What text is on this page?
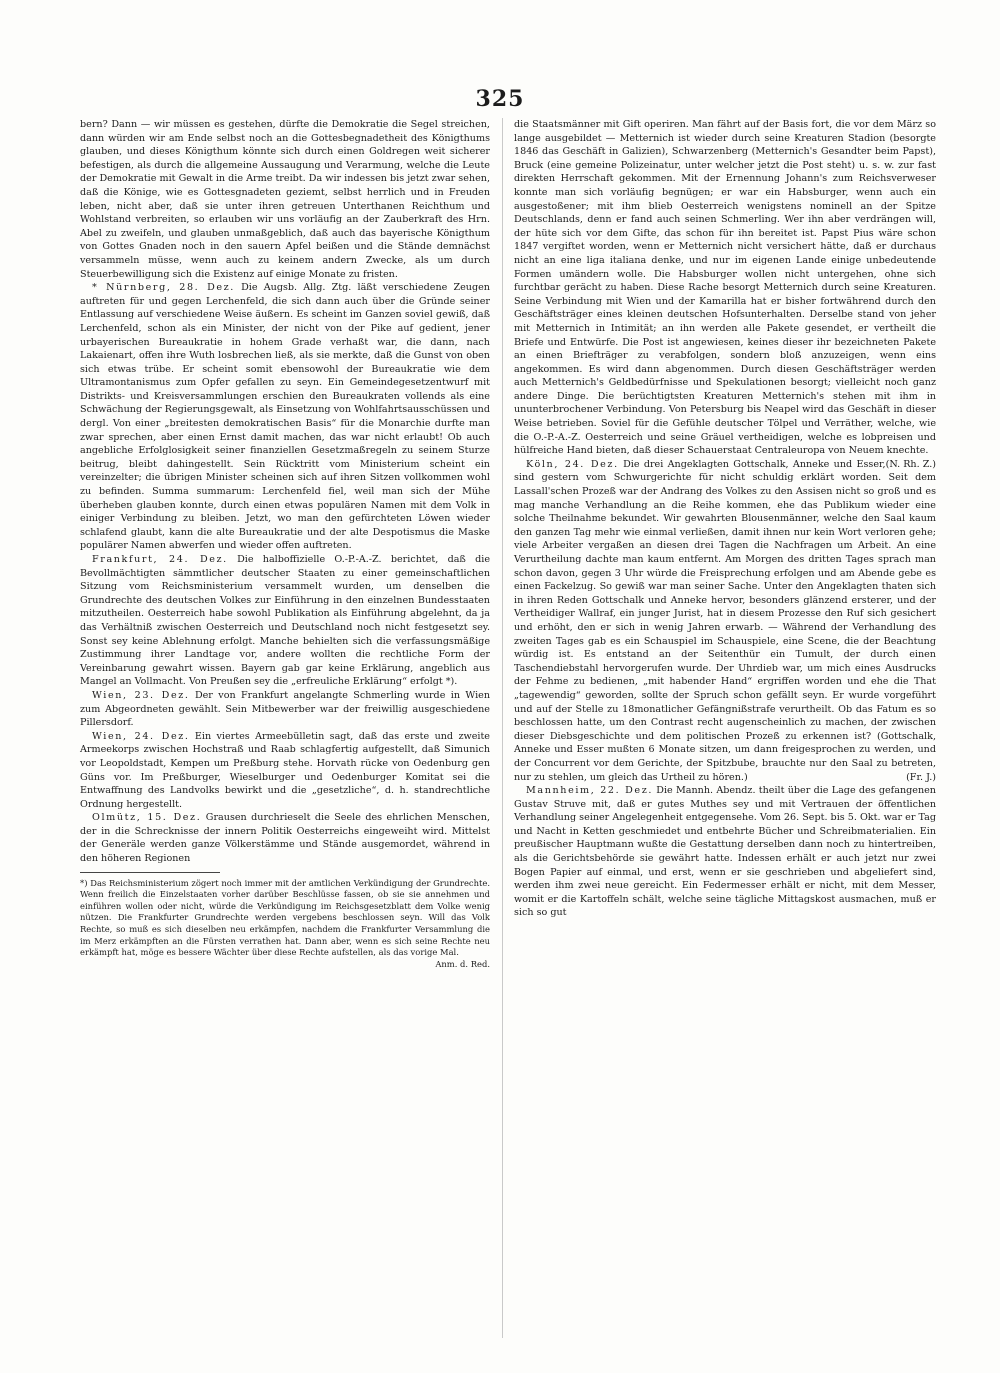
325

bern? Dann — wir müssen es gestehen, dürfte die Demokratie die Segel streichen, dann würden wir am Ende selbst noch an die Gottesbegnadetheit des Königthums glauben, und dieses Königthum könnte sich durch einen Goldregen weit sicherer befestigen, als durch die allgemeine Aussaugung und Verarmung, welche die Leute der Demokratie mit Gewalt in die Arme treibt. Da wir indessen bis jetzt zwar sehen, daß die Könige, wie es Gottesgnadeten geziemt, selbst herrlich und in Freuden leben, nicht aber, daß sie unter ihren getreuen Unterthanen Reichthum und Wohlstand verbreiten, so erlauben wir uns vorläufig an der Zauberkraft des Hrn. Abel zu zweifeln, und glauben unmaßgeblich, daß auch das bayerische Königthum von Gottes Gnaden noch in den sauern Apfel beißen und die Stände demnächst versammeln müsse, wenn auch zu keinem andern Zwecke, als um durch Steuerbewilligung sich die Existenz auf einige Monate zu fristen.

* Nürnberg, 28. Dez. Die Augsb. Allg. Ztg. läßt verschiedene Zeugen auftreten für und gegen Lerchenfeld, die sich dann auch über die Gründe seiner Entlassung auf verschiedene Weise äußern. Es scheint im Ganzen soviel gewiß, daß Lerchenfeld, schon als ein Minister, der nicht von der Pike auf gedient, jener urbayerischen Bureaukratie in hohem Grade verhaßt war, die dann, nach Lakaienart, offen ihre Wuth losbrechen ließ, als sie merkte, daß die Gunst von oben sich etwas trübe. Er scheint somit ebensowohl der Bureaukratie wie dem Ultramontanismus zum Opfer gefallen zu seyn. Ein Gemeindegesetzentwurf mit Distrikts- und Kreisversammlungen erschien den Bureaukraten vollends als eine Schwächung der Regierungsgewalt, als Einsetzung von Wohlfahrtsausschüssen und dergl. Von einer „breitesten demokratischen Basis“ für die Monarchie durfte man zwar sprechen, aber einen Ernst damit machen, das war nicht erlaubt! Ob auch angebliche Erfolglosigkeit seiner finanziellen Gesetzmaßregeln zu seinem Sturze beitrug, bleibt dahingestellt. Sein Rücktritt vom Ministerium scheint ein vereinzelter; die übrigen Minister scheinen sich auf ihren Sitzen vollkommen wohl zu befinden. Summa summarum: Lerchenfeld fiel, weil man sich der Mühe überheben glauben konnte, durch einen etwas populären Namen mit dem Volk in einiger Verbindung zu bleiben. Jetzt, wo man den gefürchteten Löwen wieder schlafend glaubt, kann die alte Bureaukratie und der alte Despotismus die Maske populärer Namen abwerfen und wieder offen auftreten.

Frankfurt, 24. Dez. Die halboffizielle O.-P.-A.-Z. berichtet, daß die Bevollmächtigten sämmtlicher deutscher Staaten zu einer gemeinschaftlichen Sitzung vom Reichsministerium versammelt wurden, um denselben die Grundrechte des deutschen Volkes zur Einführung in den einzelnen Bundesstaaten mitzutheilen. Oesterreich habe sowohl Publikation als Einführung abgelehnt, da ja das Verhältniß zwischen Oesterreich und Deutschland noch nicht festgesetzt sey. Sonst sey keine Ablehnung erfolgt. Manche behielten sich die verfassungsmäßige Zustimmung ihrer Landtage vor, andere wollten die rechtliche Form der Vereinbarung gewahrt wissen. Bayern gab gar keine Erklärung, angeblich aus Mangel an Vollmacht. Von Preußen sey die „erfreuliche Erklärung“ erfolgt *).

Wien, 23. Dez. Der von Frankfurt angelangte Schmerling wurde in Wien zum Abgeordneten gewählt. Sein Mitbewerber war der freiwillig ausgeschiedene Pillersdorf.

Wien, 24. Dez. Ein viertes Armeebülletin sagt, daß das erste und zweite Armeekorps zwischen Hochstraß und Raab schlagfertig aufgestellt, daß Simunich vor Leopoldstadt, Kempen um Preßburg stehe. Horvath rücke von Oedenburg gen Güns vor. Im Preßburger, Wieselburger und Oedenburger Komitat sei die Entwaffnung des Landvolks bewirkt und die „gesetzliche“, d. h. standrechtliche Ordnung hergestellt.

Olmütz, 15. Dez. Grausen durchrieselt die Seele des ehrlichen Menschen, der in die Schrecknisse der innern Politik Oesterreichs eingeweiht wird. Mittelst der Generäle werden ganze Völkerstämme und Stände ausgemordet, während in den höheren Regionen

*) Das Reichsministerium zögert noch immer mit der amtlichen Verkündigung der Grundrechte. Wenn freilich die Einzelstaaten vorher darüber Beschlüsse fassen, ob sie sie annehmen und einführen wollen oder nicht, würde die Verkündigung im Reichsgesetzblatt dem Volke wenig nützen. Die Frankfurter Grundrechte werden vergebens beschlossen seyn. Will das Volk Rechte, so muß es sich dieselben neu erkämpfen, nachdem die Frankfurter Versammlung die im Merz erkämpften an die Fürsten verrathen hat. Dann aber, wenn es sich seine Rechte neu erkämpft hat, möge es bessere Wächter über diese Rechte aufstellen, als das vorige Mal.

Anm. d. Red.

die Staatsmänner mit Gift operiren. Man fährt auf der Basis fort, die vor dem März so lange ausgebildet — Metternich ist wieder durch seine Kreaturen Stadion (besorgte 1846 das Geschäft in Galizien), Schwarzenberg (Metternich's Gesandter beim Papst), Bruck (eine gemeine Polizeinatur, unter welcher jetzt die Post steht) u. s. w. zur fast direkten Herrschaft gekommen. Mit der Ernennung Johann's zum Reichsverweser konnte man sich vorläufig begnügen; er war ein Habsburger, wenn auch ein ausgestoßener; mit ihm blieb Oesterreich wenigstens nominell an der Spitze Deutschlands, denn er fand auch seinen Schmerling. Wer ihn aber verdrängen will, der hüte sich vor dem Gifte, das schon für ihn bereitet ist. Papst Pius wäre schon 1847 vergiftet worden, wenn er Metternich nicht versichert hätte, daß er durchaus nicht an eine liga italiana denke, und nur im eigenen Lande einige unbedeutende Formen umändern wolle. Die Habsburger wollen nicht untergehen, ohne sich furchtbar gerächt zu haben. Diese Rache besorgt Metternich durch seine Kreaturen. Seine Verbindung mit Wien und der Kamarilla hat er bisher fortwährend durch den Geschäftsträger eines kleinen deutschen Hofsunterhalten. Derselbe stand von jeher mit Metternich in Intimität; an ihn werden alle Pakete gesendet, er vertheilt die Briefe und Entwürfe. Die Post ist angewiesen, keines dieser ihr bezeichneten Pakete an einen Briefträger zu verabfolgen, sondern bloß anzuzeigen, wenn eins angekommen. Es wird dann abgenommen. Durch diesen Geschäftsträger werden auch Metternich's Geldbedürfnisse und Spekulationen besorgt; vielleicht noch ganz andere Dinge. Die berüchtigtsten Kreaturen Metternich's stehen mit ihm in ununterbrochener Verbindung. Von Petersburg bis Neapel wird das Geschäft in dieser Weise betrieben. Soviel für die Gefühle deutscher Tölpel und Verräther, welche, wie die O.-P.-A.-Z. Oesterreich und seine Gräuel vertheidigen, welche es lobpreisen und hülfreiche Hand bieten, daß dieser Schauerstaat Centraleuropa von Neuem knechte.
(N. Rh. Z.)

Köln, 24. Dez. Die drei Angeklagten Gottschalk, Anneke und Esser, sind gestern vom Schwurgerichte für nicht schuldig erklärt worden. Seit dem Lassall'schen Prozeß war der Andrang des Volkes zu den Assisen nicht so groß und es mag manche Verhandlung an die Reihe kommen, ehe das Publikum wieder eine solche Theilnahme bekundet. Wir gewahrten Blousenmänner, welche den Saal kaum den ganzen Tag mehr wie einmal verließen, damit ihnen nur kein Wort verloren gehe; viele Arbeiter vergaßen an diesen drei Tagen die Nachfragen um Arbeit. An eine Verurtheilung dachte man kaum entfernt. Am Morgen des dritten Tages sprach man schon davon, gegen 3 Uhr würde die Freisprechung erfolgen und am Abende gebe es einen Fackelzug. So gewiß war man seiner Sache. Unter den Angeklagten thaten sich in ihren Reden Gottschalk und Anneke hervor, besonders glänzend ersterer, und der Vertheidiger Wallraf, ein junger Jurist, hat in diesem Prozesse den Ruf sich gesichert und erhöht, den er sich in wenig Jahren erwarb. — Während der Verhandlung des zweiten Tages gab es ein Schauspiel im Schauspiele, eine Scene, die der Beachtung würdig ist. Es entstand an der Seitenthür ein Tumult, der durch einen Taschendiebstahl hervorgerufen wurde. Der Uhrdieb war, um mich eines Ausdrucks der Fehme zu bedienen, „mit habender Hand“ ergriffen worden und ehe die That „tagewendig“ geworden, sollte der Spruch schon gefällt seyn. Er wurde vorgeführt und auf der Stelle zu 18monatlicher Gefängnißstrafe verurtheilt. Ob das Fatum es so beschlossen hatte, um den Contrast recht augenscheinlich zu machen, der zwischen dieser Diebsgeschichte und dem politischen Prozeß zu erkennen ist? (Gottschalk, Anneke und Esser mußten 6 Monate sitzen, um dann freigesprochen zu werden, und der Concurrent vor dem Gerichte, der Spitzbube, brauchte nur den Saal zu betreten, nur zu stehlen, um gleich das Urtheil zu hören.)	(Fr. J.)

Mannheim, 22. Dez. Die Mannh. Abendz. theilt über die Lage des gefangenen Gustav Struve mit, daß er gutes Muthes sey und mit Vertrauen der öffentlichen Verhandlung seiner Angelegenheit entgegensehe. Vom 26. Sept. bis 5. Okt. war er Tag und Nacht in Ketten geschmiedet und entbehrte Bücher und Schreibmaterialien. Ein preußischer Hauptmann wußte die Gestattung derselben dann noch zu hintertreiben, als die Gerichtsbehörde sie gewährt hatte. Indessen erhält er auch jetzt nur zwei Bogen Papier auf einmal, und erst, wenn er sie geschrieben und abgeliefert sind, werden ihm zwei neue gereicht. Ein Federmesser erhält er nicht, mit dem Messer, womit er die Kartoffeln schält, welche seine tägliche Mittagskost ausmachen, muß er sich so gut
